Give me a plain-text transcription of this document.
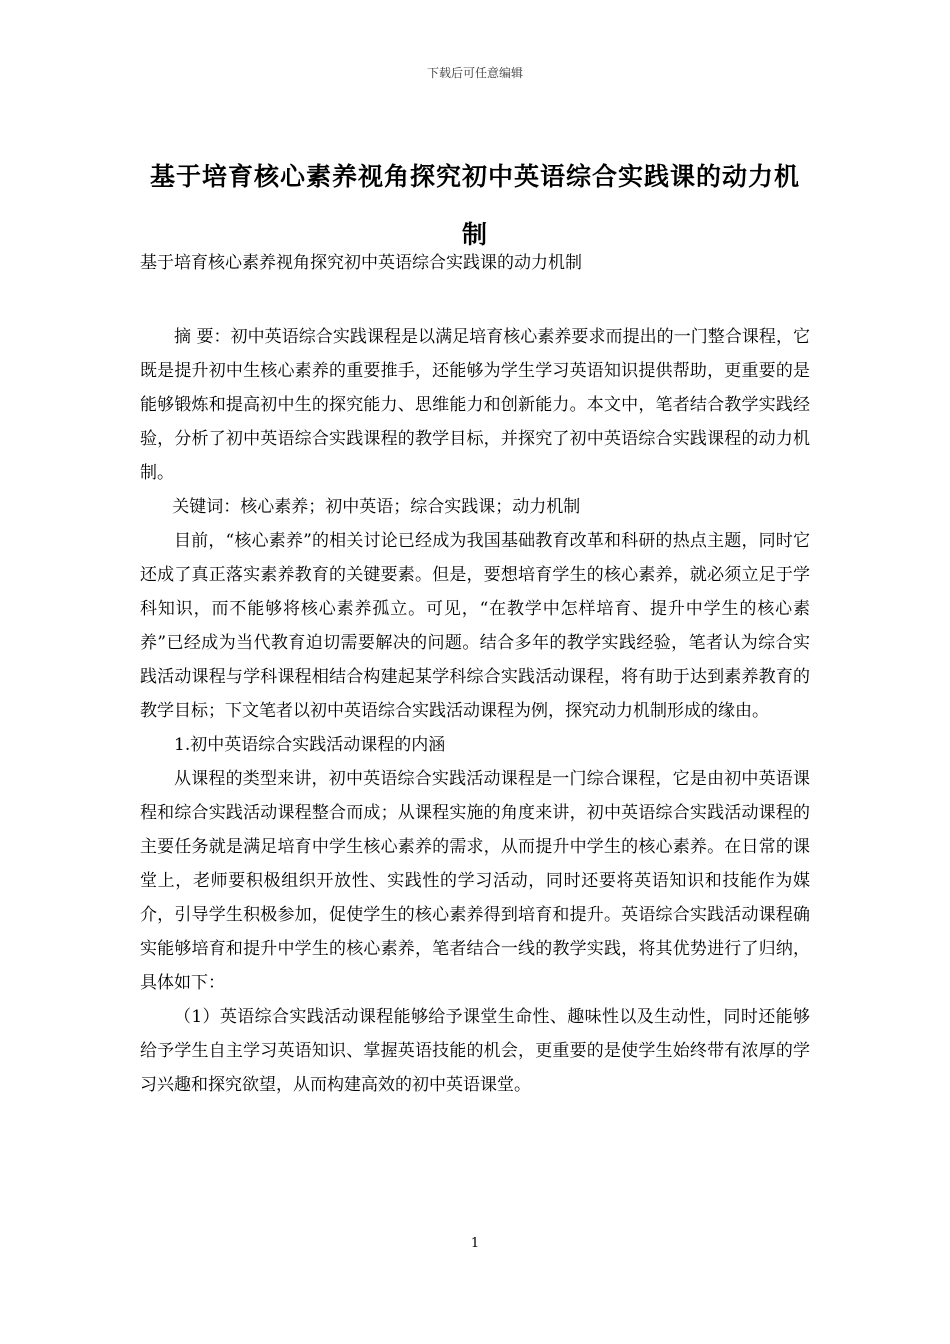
下载后可任意编辑
基于培育核心素养视角探究初中英语综合实践课的动力机制
基于培育核心素养视角探究初中英语综合实践课的动力机制

摘 要：初中英语综合实践课程是以满足培育核心素养要求而提出的一门整合课程，它既是提升初中生核心素养的重要推手，还能够为学生学习英语知识提供帮助，更重要的是能够锻炼和提高初中生的探究能力、思维能力和创新能力。本文中，笔者结合教学实践经验，分析了初中英语综合实践课程的教学目标，并探究了初中英语综合实践课程的动力机制。

关键词：核心素养；初中英语；综合实践课；动力机制

目前，“核心素养”的相关讨论已经成为我国基础教育改革和科研的热点主题，同时它还成了真正落实素养教育的关键要素。但是，要想培育学生的核心素养，就必须立足于学科知识，而不能够将核心素养孤立。可见，“在教学中怎样培育、提升中学生的核心素养”已经成为当代教育迫切需要解决的问题。结合多年的教学实践经验，笔者认为综合实践活动课程与学科课程相结合构建起某学科综合实践活动课程，将有助于达到素养教育的教学目标；下文笔者以初中英语综合实践活动课程为例，探究动力机制形成的缘由。

1.初中英语综合实践活动课程的内涵

从课程的类型来讲，初中英语综合实践活动课程是一门综合课程，它是由初中英语课程和综合实践活动课程整合而成；从课程实施的角度来讲，初中英语综合实践活动课程的主要任务就是满足培育中学生核心素养的需求，从而提升中学生的核心素养。在日常的课堂上，老师要积极组织开放性、实践性的学习活动，同时还要将英语知识和技能作为媒介，引导学生积极参加，促使学生的核心素养得到培育和提升。英语综合实践活动课程确实能够培育和提升中学生的核心素养，笔者结合一线的教学实践，将其优势进行了归纳，具体如下：

（1）英语综合实践活动课程能够给予课堂生命性、趣味性以及生动性，同时还能够给予学生自主学习英语知识、掌握英语技能的机会，更重要的是使学生始终带有浓厚的学习兴趣和探究欲望，从而构建高效的初中英语课堂。

1
